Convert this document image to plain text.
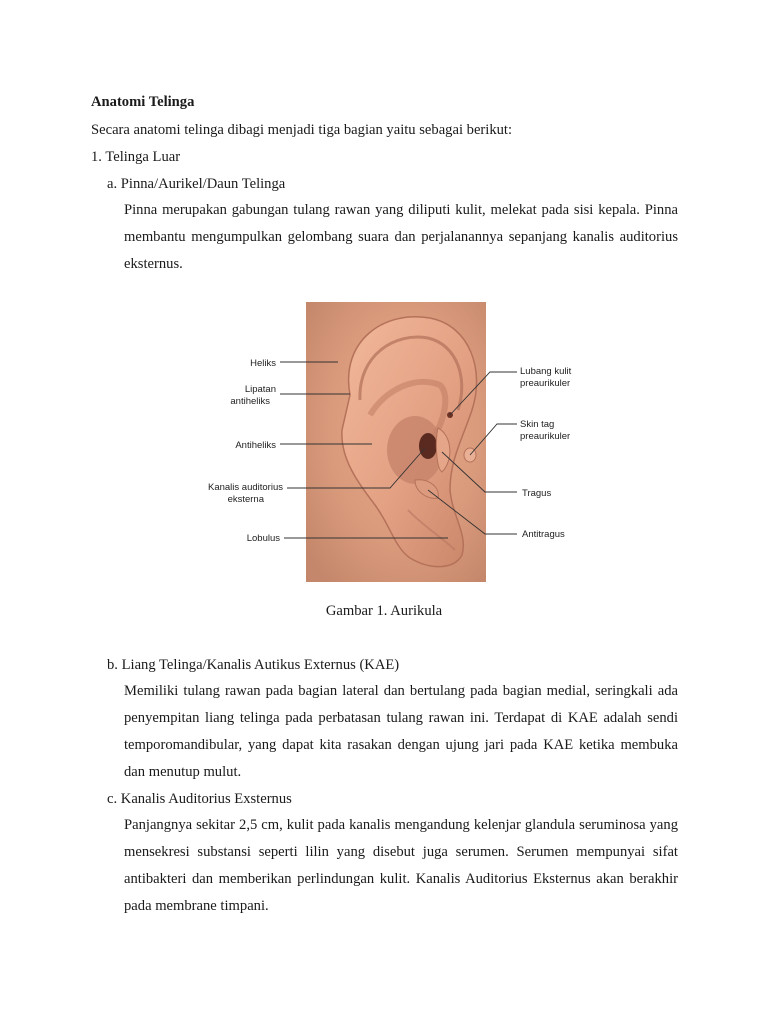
Anatomi Telinga
Secara anatomi telinga dibagi menjadi tiga bagian yaitu sebagai berikut:
1. Telinga Luar
a. Pinna/Aurikel/Daun Telinga
Pinna merupakan gabungan tulang rawan yang diliputi kulit, melekat pada sisi kepala. Pinna membantu mengumpulkan gelombang suara dan perjalanannya sepanjang kanalis auditorius eksternus.
Heliks
Lipatan
antiheliks
Antiheliks
Kanalis auditorius
eksterna
Lobulus
Lubang kulit
preaurikuler
Skin tag
preaurikuler
Tragus
Antitragus
Gambar 1. Aurikula
b. Liang Telinga/Kanalis Autikus Externus (KAE)
Memiliki tulang rawan pada bagian lateral dan bertulang pada bagian medial, seringkali ada penyempitan liang telinga pada perbatasan tulang rawan ini. Terdapat di KAE adalah sendi temporomandibular, yang dapat kita rasakan dengan ujung jari pada KAE ketika membuka dan menutup mulut.
c. Kanalis Auditorius Exsternus
Panjangnya sekitar 2,5 cm, kulit pada kanalis mengandung kelenjar glandula seruminosa yang mensekresi substansi seperti lilin yang disebut juga serumen. Serumen mempunyai sifat antibakteri dan memberikan perlindungan kulit. Kanalis Auditorius Eksternus akan berakhir pada membrane timpani.
